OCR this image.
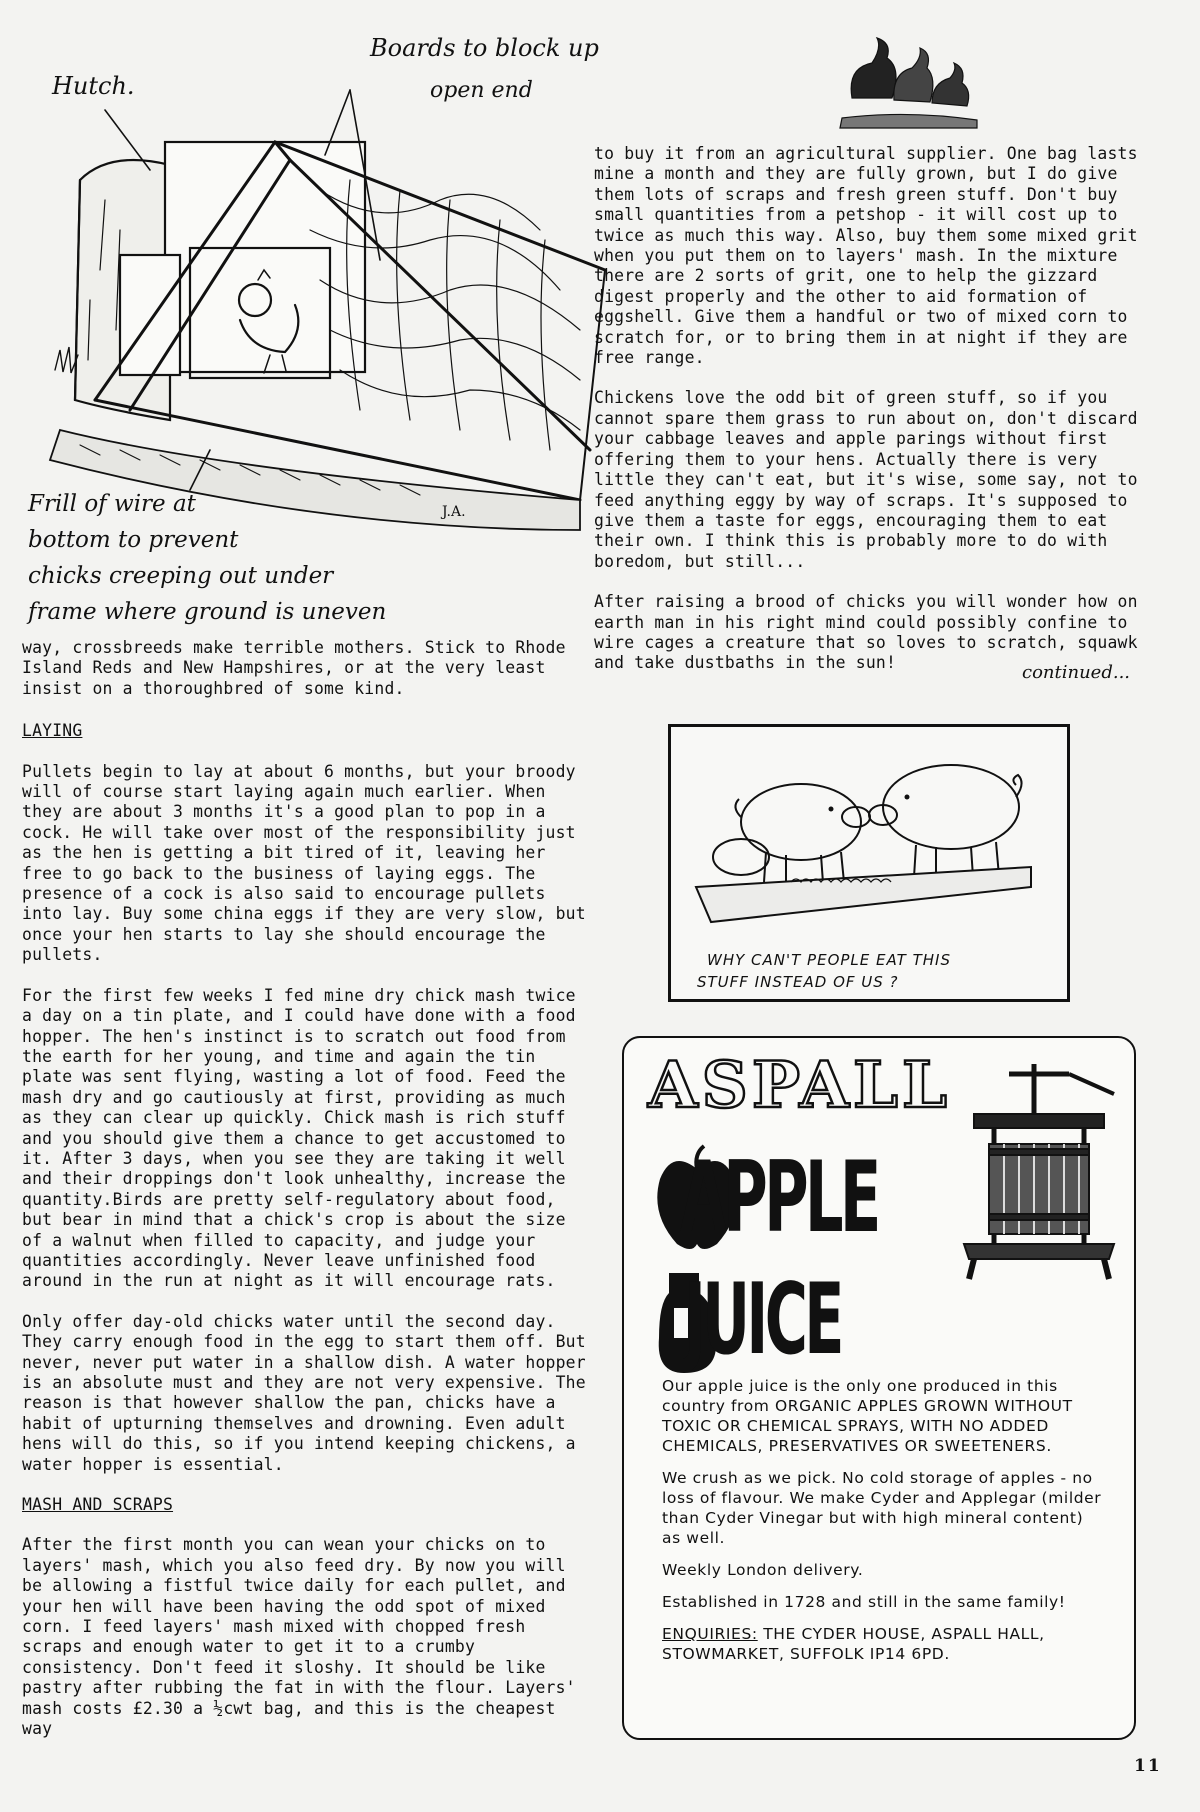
Hutch.
Boards to block up
open end
J.A.
Frill of wire at
bottom to prevent
chicks creeping out under
frame where ground is uneven

way, crossbreeds make terrible mothers. Stick to Rhode Island Reds and New Hampshires, or at the very least insist on a thoroughbred of some kind.

LAYING

Pullets begin to lay at about 6 months, but your broody will of course start laying again much earlier. When they are about 3 months it's a good plan to pop in a cock. He will take over most of the responsibility just as the hen is getting a bit tired of it, leaving her free to go back to the business of laying eggs. The presence of a cock is also said to encourage pullets into lay. Buy some china eggs if they are very slow, but once your hen starts to lay she should encourage the pullets.

For the first few weeks I fed mine dry chick mash twice a day on a tin plate, and I could have done with a food hopper. The hen's instinct is to scratch out food from the earth for her young, and time and again the tin plate was sent flying, wasting a lot of food. Feed the mash dry and go cautiously at first, providing as much as they can clear up quickly. Chick mash is rich stuff and you should give them a chance to get accustomed to it. After 3 days, when you see they are taking it well and their droppings don't look unhealthy, increase the quantity.Birds are pretty self-regulatory about food, but bear in mind that a chick's crop is about the size of a walnut when filled to capacity, and judge your quantities accordingly. Never leave unfinished food around in the run at night as it will encourage rats.

Only offer day-old chicks water until the second day. They carry enough food in the egg to start them off. But never, never put water in a shallow dish. A water hopper is an absolute must and they are not very expensive. The reason is that however shallow the pan, chicks have a habit of upturning themselves and drowning. Even adult hens will do this, so if you intend keeping chickens, a water hopper is essential.

MASH AND SCRAPS

After the first month you can wean your chicks on to layers' mash, which you also feed dry. By now you will be allowing a fistful twice daily for each pullet, and your hen will have been having the odd spot of mixed corn. I feed layers' mash mixed with chopped fresh scraps and enough water to get it to a crumby consistency. Don't feed it sloshy. It should be like pastry after rubbing the fat in with the flour. Layers' mash costs £2.30 a ½cwt bag, and this is the cheapest way

to buy it from an agricultural supplier. One bag lasts mine a month and they are fully grown, but I do give them lots of scraps and fresh green stuff. Don't buy small quantities from a petshop - it will cost up to twice as much this way. Also, buy them some mixed grit when you put them on to layers' mash. In the mixture there are 2 sorts of grit, one to help the gizzard digest properly and the other to aid formation of eggshell. Give them a handful or two of mixed corn to scratch for, or to bring them in at night if they are free range.

Chickens love the odd bit of green stuff, so if you cannot spare them grass to run about on, don't discard your cabbage leaves and apple parings without first offering them to your hens. Actually there is very little they can't eat, but it's wise, some say, not to feed anything eggy by way of scraps. It's supposed to give them a taste for eggs, encouraging them to eat their own. I think this is probably more to do with boredom, but still...

After raising a brood of chicks you will wonder how on earth man in his right mind could possibly confine to wire cages a creature that so loves to scratch, squawk and take dustbaths in the sun!	continued...
WHY CAN'T PEOPLE EAT THIS
STUFF INSTEAD OF US ?
ASPALL
APPLE
JUICE

Our apple juice is the only one produced in this country from ORGANIC APPLES GROWN WITHOUT TOXIC OR CHEMICAL SPRAYS, WITH NO ADDED CHEMICALS, PRESERVATIVES OR SWEETENERS.

We crush as we pick. No cold storage of apples - no loss of flavour. We make Cyder and Applegar (milder than Cyder Vinegar but with high mineral content) as well.

Weekly London delivery.

Established in 1728 and still in the same family!

ENQUIRIES: THE CYDER HOUSE, ASPALL HALL,
STOWMARKET, SUFFOLK IP14 6PD.
11
